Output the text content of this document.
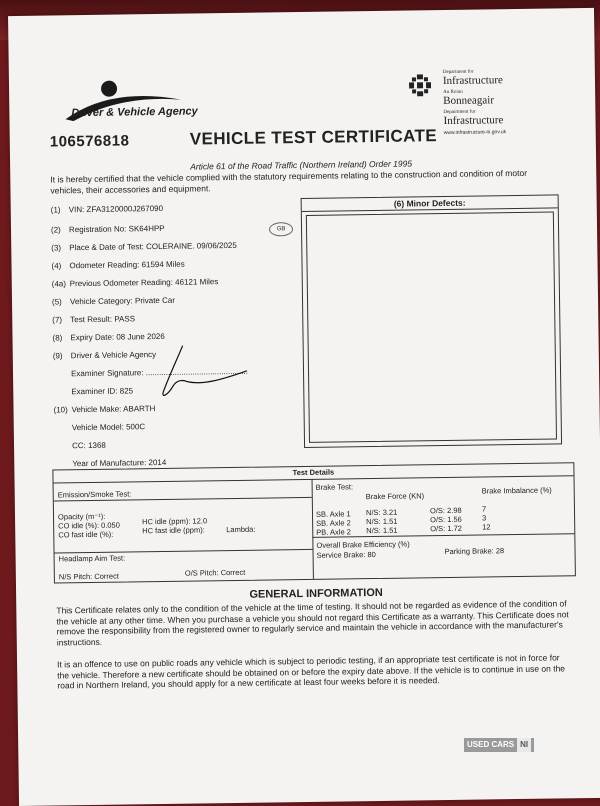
Driver & Vehicle Agency
Department for
Infrastructure
An Roinn
Bonneagair
Depairtment fur
Infrastructure
www.infrastructure-ni.gov.uk
106576818	VEHICLE TEST CERTIFICATE
Article 61 of the Road Traffic (Northern Ireland) Order 1995
It is hereby certified that the vehicle complied with the statutory requirements relating to the construction and condition of motor vehicles, their accessories and equipment.
(1) VIN: ZFA3120000J267090
(2) Registration No: SK64HPP
(3) Place & Date of Test: COLERAINE. 09/06/2025
(4) Odometer Reading: 61594 Miles
(4a) Previous Odometer Reading: 46121 Miles
(5) Vehicle Category: Private Car
(7) Test Result: PASS
(8) Expiry Date: 08 June 2026
(9) Driver & Vehicle Agency
Examiner Signature: ..............................................
Examiner ID: 825
(10) Vehicle Make: ABARTH
Vehicle Model: 500C
CC: 1368
Year of Manufacture: 2014
GB
(6) Minor Defects:
Test Details
Emission/Smoke Test:
Opacity (m⁻¹):
CO idle (%): 0.050	HC idle (ppm): 12.0
CO fast idle (%):	HC fast idle (ppm):	Lambda:
Headlamp Aim Test:
N/S Pitch: Correct	O/S Pitch: Correct
Brake Test:
Brake Force (KN)
Brake Imbalance (%)
SB. Axle 1 N/S: 3.21	O/S: 2.98	7
SB. Axle 2 N/S: 1.51	O/S: 1.56	3
PB. Axle 2 N/S: 1.51	O/S: 1.72	12
Overall Brake Efficiency (%)
Service Brake: 80	Parking Brake: 28
GENERAL INFORMATION

This Certificate relates only to the condition of the vehicle at the time of testing. It should not be regarded as evidence of the condition of the vehicle at any other time. When you purchase a vehicle you should not regard this Certificate as a warranty. This Certificate does not remove the responsibility from the registered owner to regularly service and maintain the vehicle in accordance with the manufacturer's instructions.

It is an offence to use on public roads any vehicle which is subject to periodic testing, if an appropriate test certificate is not in force for the vehicle. Therefore a new certificate should be obtained on or before the expiry date above. If the vehicle is to continue in use on the road in Northern Ireland, you should apply for a new certificate at least four weeks before it is needed.

USED CARS NI
